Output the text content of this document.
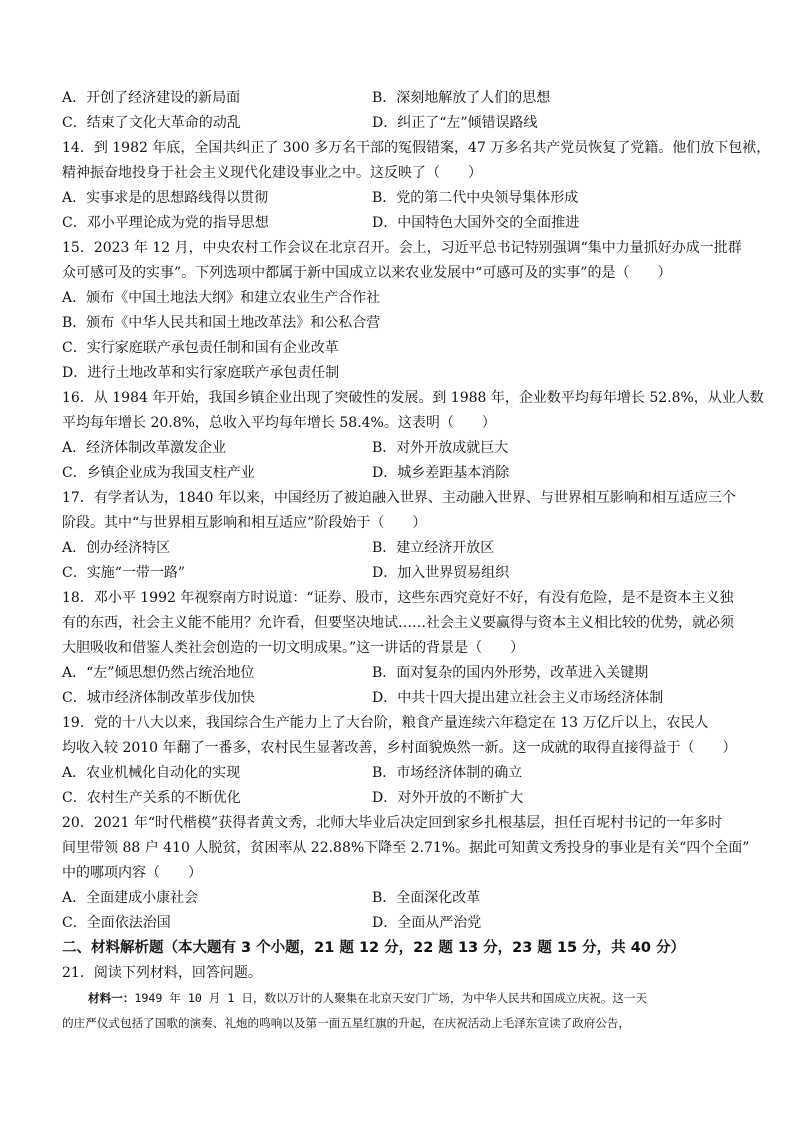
A．开创了经济建设的新局面	B．深刻地解放了人们的思想
C．结束了文化大革命的动乱	D．纠正了“左”倾错误路线
14．到 1982 年底，全国共纠正了 300 多万名干部的冤假错案，47 万多名共产党员恢复了党籍。他们放下包袱，
精神振奋地投身于社会主义现代化建设事业之中。这反映了（　　）
A．实事求是的思想路线得以贯彻	B．党的第二代中央领导集体形成
C．邓小平理论成为党的指导思想	D．中国特色大国外交的全面推进
15．2023 年 12 月，中央农村工作会议在北京召开。会上，习近平总书记特别强调“集中力量抓好办成一批群
众可感可及的实事”。下列选项中都属于新中国成立以来农业发展中“可感可及的实事”的是（　　）
A．颁布《中国土地法大纲》和建立农业生产合作社
B．颁布《中华人民共和国土地改革法》和公私合营
C．实行家庭联产承包责任制和国有企业改革
D．进行土地改革和实行家庭联产承包责任制
16．从 1984 年开始，我国乡镇企业出现了突破性的发展。到 1988 年，企业数平均每年增长 52.8%，从业人数
平均每年增长 20.8%，总收入平均每年增长 58.4%。这表明（　　）
A．经济体制改革激发企业	B．对外开放成就巨大
C．乡镇企业成为我国支柱产业	D．城乡差距基本消除
17．有学者认为，1840 年以来，中国经历了被迫融入世界、主动融入世界、与世界相互影响和相互适应三个
阶段。其中“与世界相互影响和相互适应”阶段始于（　　）
A．创办经济特区	B．建立经济开放区
C．实施“一带一路”	D．加入世界贸易组织
18．邓小平 1992 年视察南方时说道：“证券、股市，这些东西究竟好不好，有没有危险，是不是资本主义独
有的东西，社会主义能不能用？允许看，但要坚决地试……社会主义要赢得与资本主义相比较的优势，就必须
大胆吸收和借鉴人类社会创造的一切文明成果。”这一讲话的背景是（　　）
A．“左”倾思想仍然占统治地位	B．面对复杂的国内外形势，改革进入关键期
C．城市经济体制改革步伐加快	D．中共十四大提出建立社会主义市场经济体制
19．党的十八大以来，我国综合生产能力上了大台阶，粮食产量连续六年稳定在 13 万亿斤以上，农民人
均收入较 2010 年翻了一番多，农村民生显著改善，乡村面貌焕然一新。这一成就的取得直接得益于（　　）
A．农业机械化自动化的实现	B．市场经济体制的确立
C．农村生产关系的不断优化	D．对外开放的不断扩大
20．2021 年“时代楷模”获得者黄文秀，北师大毕业后决定回到家乡扎根基层，担任百坭村书记的一年多时
间里带领 88 户 410 人脱贫，贫困率从 22.88%下降至 2.71%。据此可知黄文秀投身的事业是有关“四个全面”
中的哪项内容（　　）
A．全面建成小康社会	B．全面深化改革
C．全面依法治国	D．全面从严治党
二、材料解析题（本大题有 3 个小题，21 题 12 分，22 题 13 分，23 题 15 分，共 40 分）
21．阅读下列材料，回答问题。
材料一：1949 年 10 月 1 日，数以万计的人聚集在北京天安门广场，为中华人民共和国成立庆祝。这一天
的庄严仪式包括了国歌的演奏、礼炮的鸣响以及第一面五星红旗的升起，在庆祝活动上毛泽东宣读了政府公告，
